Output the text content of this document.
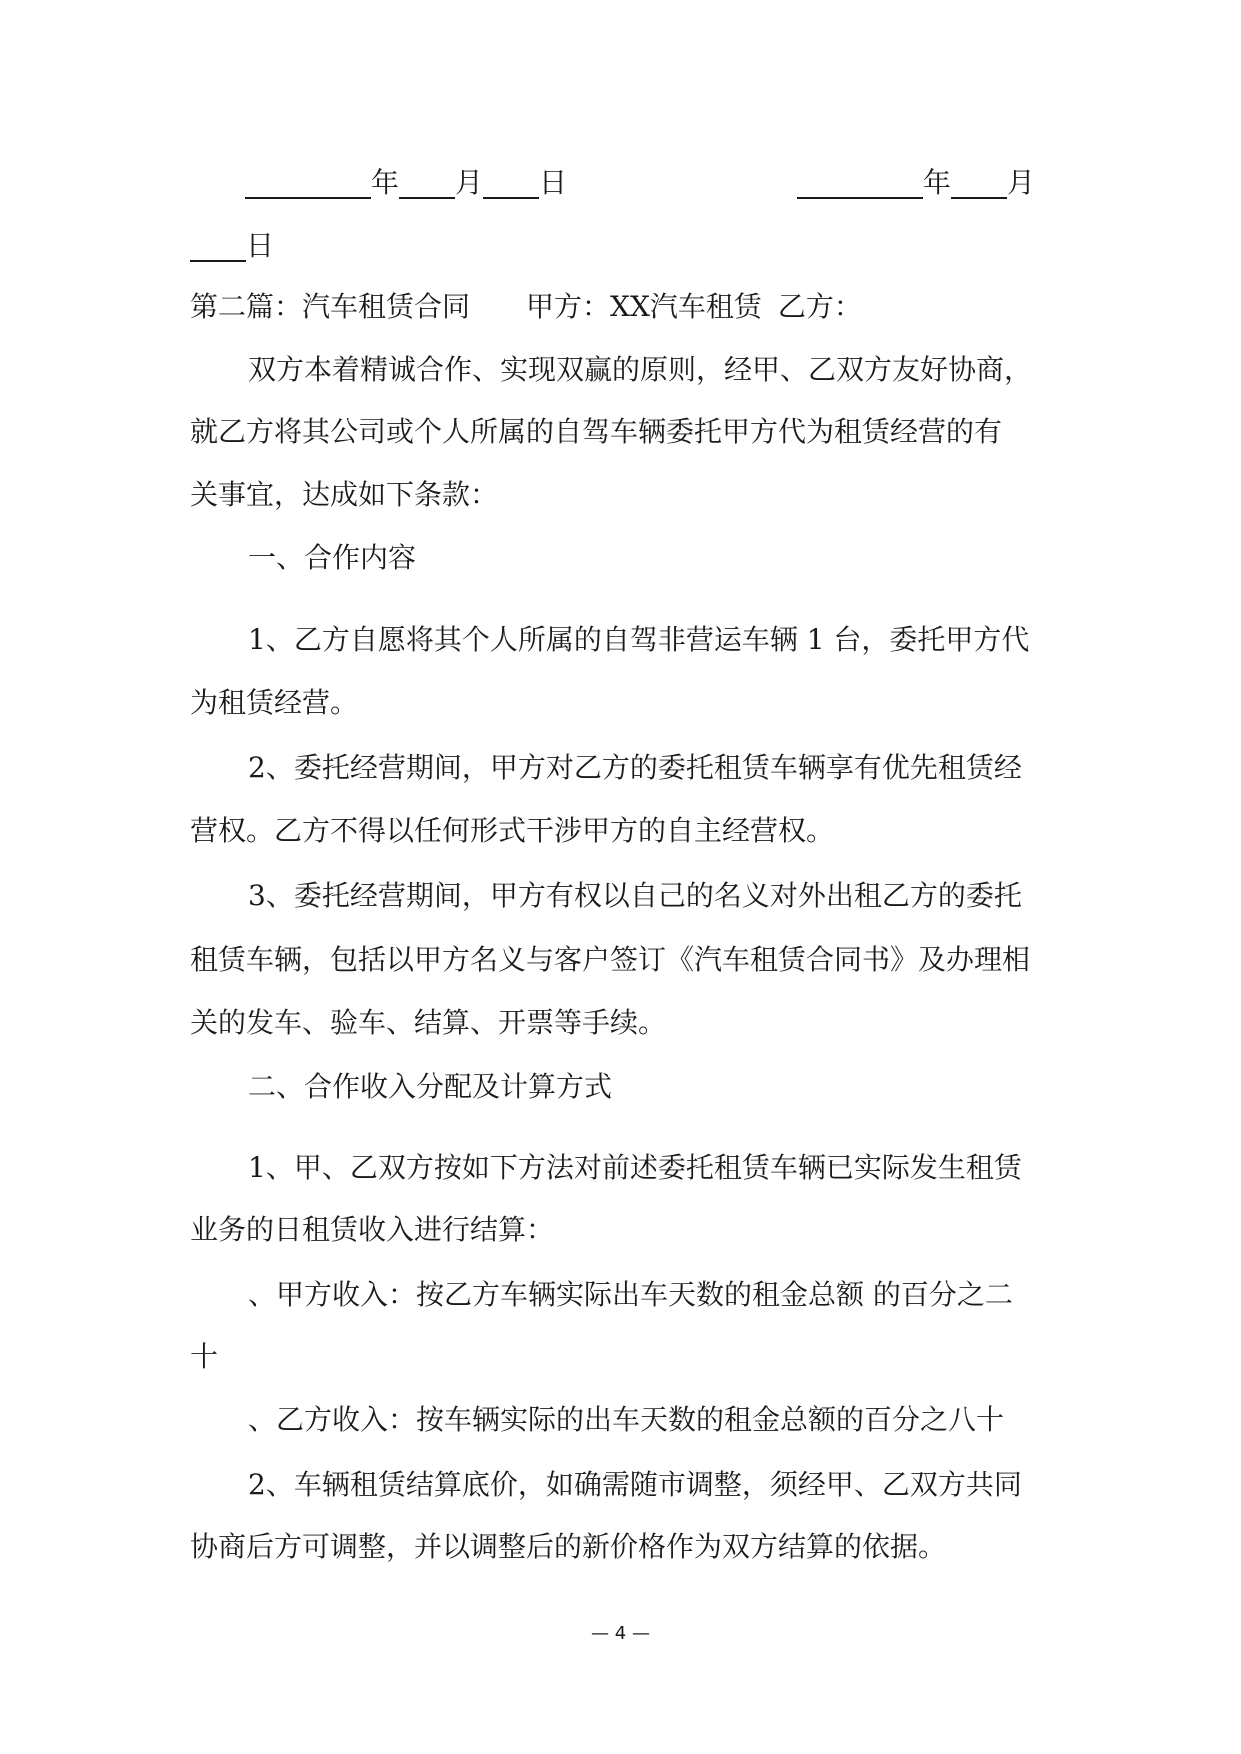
_________年____月____日	_________年____月
____日
第二篇：汽车租赁合同 甲方：XX汽车租赁 乙方：
双方本着精诚合作、实现双赢的原则，经甲、乙双方友好协商，
就乙方将其公司或个人所属的自驾车辆委托甲方代为租赁经营的有
关事宜，达成如下条款：
一、合作内容
1、乙方自愿将其个人所属的自驾非营运车辆 1 台，委托甲方代
为租赁经营。
2、委托经营期间，甲方对乙方的委托租赁车辆享有优先租赁经
营权。乙方不得以任何形式干涉甲方的自主经营权。
3、委托经营期间，甲方有权以自己的名义对外出租乙方的委托
租赁车辆，包括以甲方名义与客户签订《汽车租赁合同书》及办理相
关的发车、验车、结算、开票等手续。
二、合作收入分配及计算方式
1、甲、乙双方按如下方法对前述委托租赁车辆已实际发生租赁
业务的日租赁收入进行结算：
、甲方收入：按乙方车辆实际出车天数的租金总额 的百分之二
十
、乙方收入：按车辆实际的出车天数的租金总额的百分之八十
2、车辆租赁结算底价，如确需随市调整，须经甲、乙双方共同
协商后方可调整，并以调整后的新价格作为双方结算的依据。
— 4 —
